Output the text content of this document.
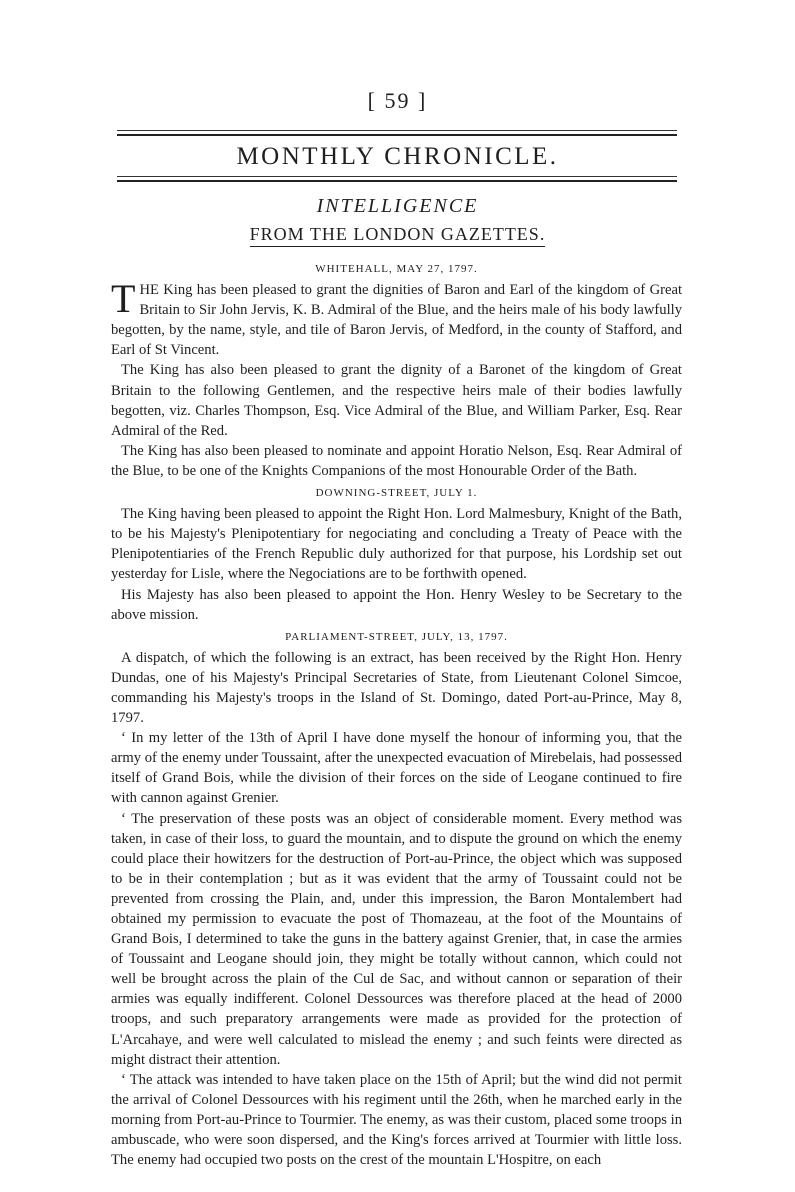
[ 59 ]
MONTHLY CHRONICLE.
INTELLIGENCE
FROM THE LONDON GAZETTES.
WHITEHALL, MAY 27, 1797.

THE King has been pleased to grant the dignities of Baron and Earl of the kingdom of Great Britain to Sir John Jervis, K. B. Admiral of the Blue, and the heirs male of his body lawfully begotten, by the name, style, and tile of Baron Jervis, of Medford, in the county of Stafford, and Earl of St Vincent.

The King has also been pleased to grant the dignity of a Baronet of the kingdom of Great Britain to the following Gentlemen, and the respective heirs male of their bodies lawfully begotten, viz. Charles Thompson, Esq. Vice Admiral of the Blue, and William Parker, Esq. Rear Admiral of the Red.

The King has also been pleased to nominate and appoint Horatio Nelson, Esq. Rear Admiral of the Blue, to be one of the Knights Companions of the most Honourable Order of the Bath.

DOWNING-STREET, JULY 1.

The King having been pleased to appoint the Right Hon. Lord Malmesbury, Knight of the Bath, to be his Majesty's Plenipotentiary for negociating and concluding a Treaty of Peace with the Plenipotentiaries of the French Republic duly authorized for that purpose, his Lordship set out yesterday for Lisle, where the Negociations are to be forthwith opened.

His Majesty has also been pleased to appoint the Hon. Henry Wesley to be Secretary to the above mission.

PARLIAMENT-STREET, JULY, 13, 1797.

A dispatch, of which the following is an extract, has been received by the Right Hon. Henry Dundas, one of his Majesty's Principal Secretaries of State, from Lieutenant Colonel Simcoe, commanding his Majesty's troops in the Island of St. Domingo, dated Port-au-Prince, May 8, 1797.

‘ In my letter of the 13th of April I have done myself the honour of informing you, that the army of the enemy under Toussaint, after the unexpected evacuation of Mirebelais, had possessed itself of Grand Bois, while the division of their forces on the side of Leogane continued to fire with cannon against Grenier.

‘ The preservation of these posts was an object of considerable moment. Every method was taken, in case of their loss, to guard the mountain, and to dispute the ground on which the enemy could place their howitzers for the destruction of Port-au-Prince, the object which was supposed to be in their contemplation ; but as it was evident that the army of Toussaint could not be prevented from crossing the Plain, and, under this impression, the Baron Montalembert had obtained my permission to evacuate the post of Thomazeau, at the foot of the Mountains of Grand Bois, I determined to take the guns in the battery against Grenier, that, in case the armies of Toussaint and Leogane should join, they might be totally without cannon, which could not well be brought across the plain of the Cul de Sac, and without cannon or separation of their armies was equally indifferent. Colonel Dessources was therefore placed at the head of 2000 troops, and such preparatory arrangements were made as provided for the protection of L'Arcahaye, and were well calculated to mislead the enemy ; and such feints were directed as might distract their attention.

‘ The attack was intended to have taken place on the 15th of April; but the wind did not permit the arrival of Colonel Dessources with his regiment until the 26th, when he marched early in the morning from Port-au-Prince to Tourmier. The enemy, as was their custom, placed some troops in ambuscade, who were soon dispersed, and the King's forces arrived at Tourmier with little loss. The enemy had occupied two posts on the crest of the mountain L'Hospitre, on each
